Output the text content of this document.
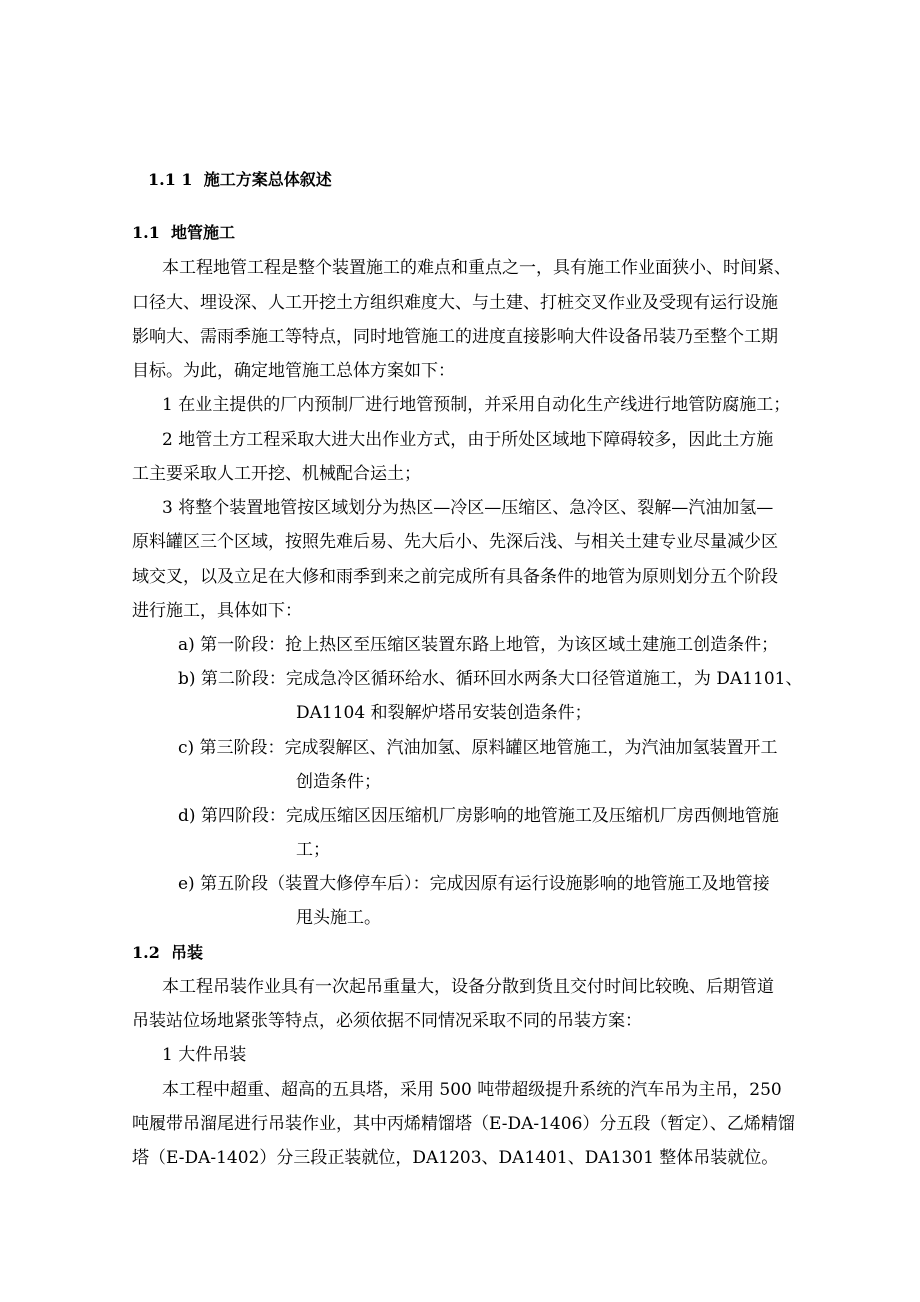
1.1 1 施工方案总体叙述
1.1 地管施工
本工程地管工程是整个装置施工的难点和重点之一，具有施工作业面狭小、时间紧、
口径大、埋设深、人工开挖土方组织难度大、与土建、打桩交叉作业及受现有运行设施
影响大、需雨季施工等特点，同时地管施工的进度直接影响大件设备吊装乃至整个工期
目标。为此，确定地管施工总体方案如下：
1 在业主提供的厂内预制厂进行地管预制，并采用自动化生产线进行地管防腐施工；
2 地管土方工程采取大进大出作业方式，由于所处区域地下障碍较多，因此土方施
工主要采取人工开挖、机械配合运土；
3 将整个装置地管按区域划分为热区—冷区—压缩区、急冷区、裂解—汽油加氢—
原料罐区三个区域，按照先难后易、先大后小、先深后浅、与相关土建专业尽量减少区
域交叉，以及立足在大修和雨季到来之前完成所有具备条件的地管为原则划分五个阶段
进行施工，具体如下：
a) 第一阶段：抢上热区至压缩区装置东路上地管，为该区域土建施工创造条件；
b) 第二阶段：完成急冷区循环给水、循环回水两条大口径管道施工，为 DA1101、
DA1104 和裂解炉塔吊安装创造条件；
c) 第三阶段：完成裂解区、汽油加氢、原料罐区地管施工，为汽油加氢装置开工
创造条件；
d) 第四阶段：完成压缩区因压缩机厂房影响的地管施工及压缩机厂房西侧地管施
工；
e) 第五阶段（装置大修停车后）：完成因原有运行设施影响的地管施工及地管接
甩头施工。
1.2 吊装
本工程吊装作业具有一次起吊重量大，设备分散到货且交付时间比较晚、后期管道
吊装站位场地紧张等特点，必须依据不同情况采取不同的吊装方案：
1 大件吊装
本工程中超重、超高的五具塔，采用 500 吨带超级提升系统的汽车吊为主吊，250
吨履带吊溜尾进行吊装作业，其中丙烯精馏塔（E-DA-1406）分五段（暂定）、乙烯精馏
塔（E-DA-1402）分三段正装就位，DA1203、DA1401、DA1301 整体吊装就位。
